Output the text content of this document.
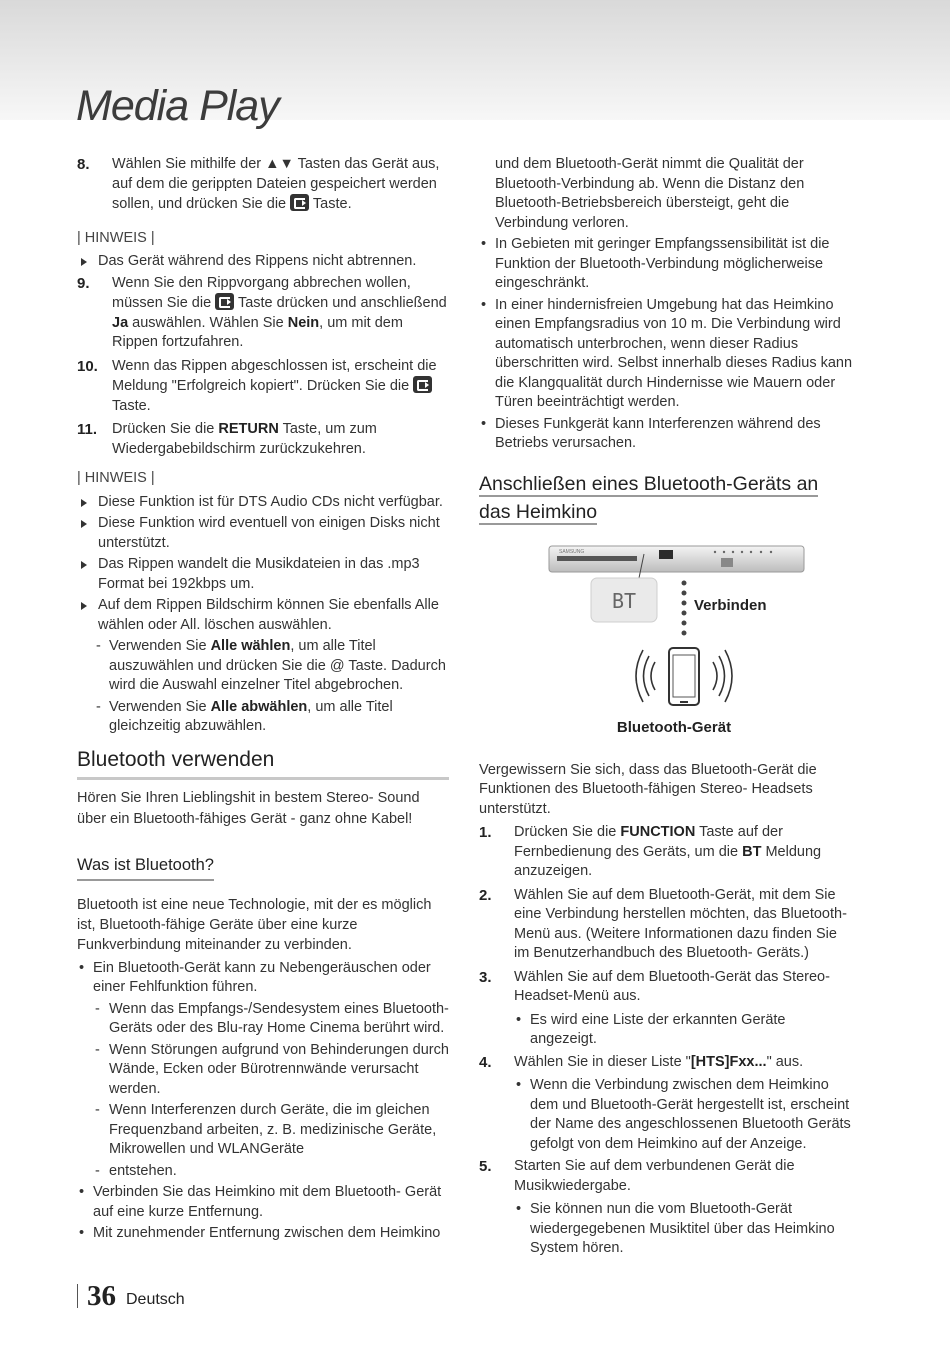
Media Play
8. Wählen Sie mithilfe der ▲▼ Tasten das Gerät aus, auf dem die gerippten Dateien gespeichert werden sollen, und drücken Sie die  Taste.
| HINWEIS |
Das Gerät während des Rippens nicht abtrennen.
9. Wenn Sie den Rippvorgang abbrechen wollen, müssen Sie die  Taste drücken und anschließend Ja auswählen. Wählen Sie Nein, um mit dem Rippen fortzufahren.
10. Wenn das Rippen abgeschlossen ist, erscheint die Meldung "Erfolgreich kopiert". Drücken Sie die
Taste.
11. Drücken Sie die RETURN Taste, um zum Wiedergabebildschirm zurückzukehren.
| HINWEIS |
Diese Funktion ist für DTS Audio CDs nicht verfügbar.
Diese Funktion wird eventuell von einigen Disks nicht unterstützt.
Das Rippen wandelt die Musikdateien in das .mp3 Format bei 192kbps um.
Auf dem Rippen Bildschirm können Sie ebenfalls Alle wählen oder All. löschen auswählen.
- Verwenden Sie Alle wählen, um alle Titel auszuwählen und drücken Sie die @ Taste. Dadurch wird die Auswahl einzelner Titel abgebrochen.
- Verwenden Sie Alle abwählen, um alle Titel gleichzeitig abzuwählen.
Bluetooth verwenden
Hören Sie Ihren Lieblingshit in bestem Stereo- Sound über ein Bluetooth-fähiges Gerät - ganz ohne Kabel!
Was ist Bluetooth?
Bluetooth ist eine neue Technologie, mit der es möglich ist, Bluetooth-fähige Geräte über eine kurze Funkverbindung miteinander zu verbinden.
• Ein Bluetooth-Gerät kann zu Nebengeräuschen oder einer Fehlfunktion führen.
- Wenn das Empfangs-/Sendesystem eines Bluetooth-Geräts oder des Blu-ray Home Cinema berührt wird.
- Wenn Störungen aufgrund von Behinderungen durch Wände, Ecken oder Bürotrennwände verursacht werden.
- Wenn Interferenzen durch Geräte, die im gleichen Frequenzband arbeiten, z. B. medizinische Geräte, Mikrowellen und WLANGeräte
- entstehen.
• Verbinden Sie das Heimkino mit dem Bluetooth- Gerät auf eine kurze Entfernung.
• Mit zunehmender Entfernung zwischen dem Heimkino
und dem Bluetooth-Gerät nimmt die Qualität der Bluetooth-Verbindung ab. Wenn die Distanz den Bluetooth-Betriebsbereich übersteigt, geht die Verbindung verloren.
• In Gebieten mit geringer Empfangssensibilität ist die Funktion der Bluetooth-Verbindung möglicherweise eingeschränkt.
• In einer hindernisfreien Umgebung hat das Heimkino einen Empfangsradius von 10 m. Die Verbindung wird automatisch unterbrochen, wenn dieser Radius überschritten wird. Selbst innerhalb dieses Radius kann die Klangqualität durch Hindernisse wie Mauern oder Türen beeinträchtigt werden.
• Dieses Funkgerät kann Interferenzen während des Betriebs verursachen.
Anschließen eines Bluetooth-Geräts an das Heimkino
SAMSUNG
BT	Verbinden
Bluetooth-Gerät
Vergewissern Sie sich, dass das Bluetooth-Gerät die Funktionen des Bluetooth-fähigen Stereo- Headsets unterstützt.
1. Drücken Sie die FUNCTION Taste auf der Fernbedienung des Geräts, um die BT Meldung anzuzeigen.
2. Wählen Sie auf dem Bluetooth-Gerät, mit dem Sie eine Verbindung herstellen möchten, das Bluetooth-Menü aus. (Weitere Informationen dazu finden Sie im Benutzerhandbuch des Bluetooth- Geräts.)
3. Wählen Sie auf dem Bluetooth-Gerät das Stereo-Headset-Menü aus.
• Es wird eine Liste der erkannten Geräte angezeigt.
4. Wählen Sie in dieser Liste "[HTS]Fxx..." aus.
• Wenn die Verbindung zwischen dem Heimkino dem und Bluetooth-Gerät hergestellt ist, erscheint der Name des angeschlossenen Bluetooth Geräts gefolgt von dem Heimkino auf der Anzeige.
5. Starten Sie auf dem verbundenen Gerät die Musikwiedergabe.
• Sie können nun die vom Bluetooth-Gerät wiedergegebenen Musiktitel über das Heimkino System hören.
36 Deutsch
